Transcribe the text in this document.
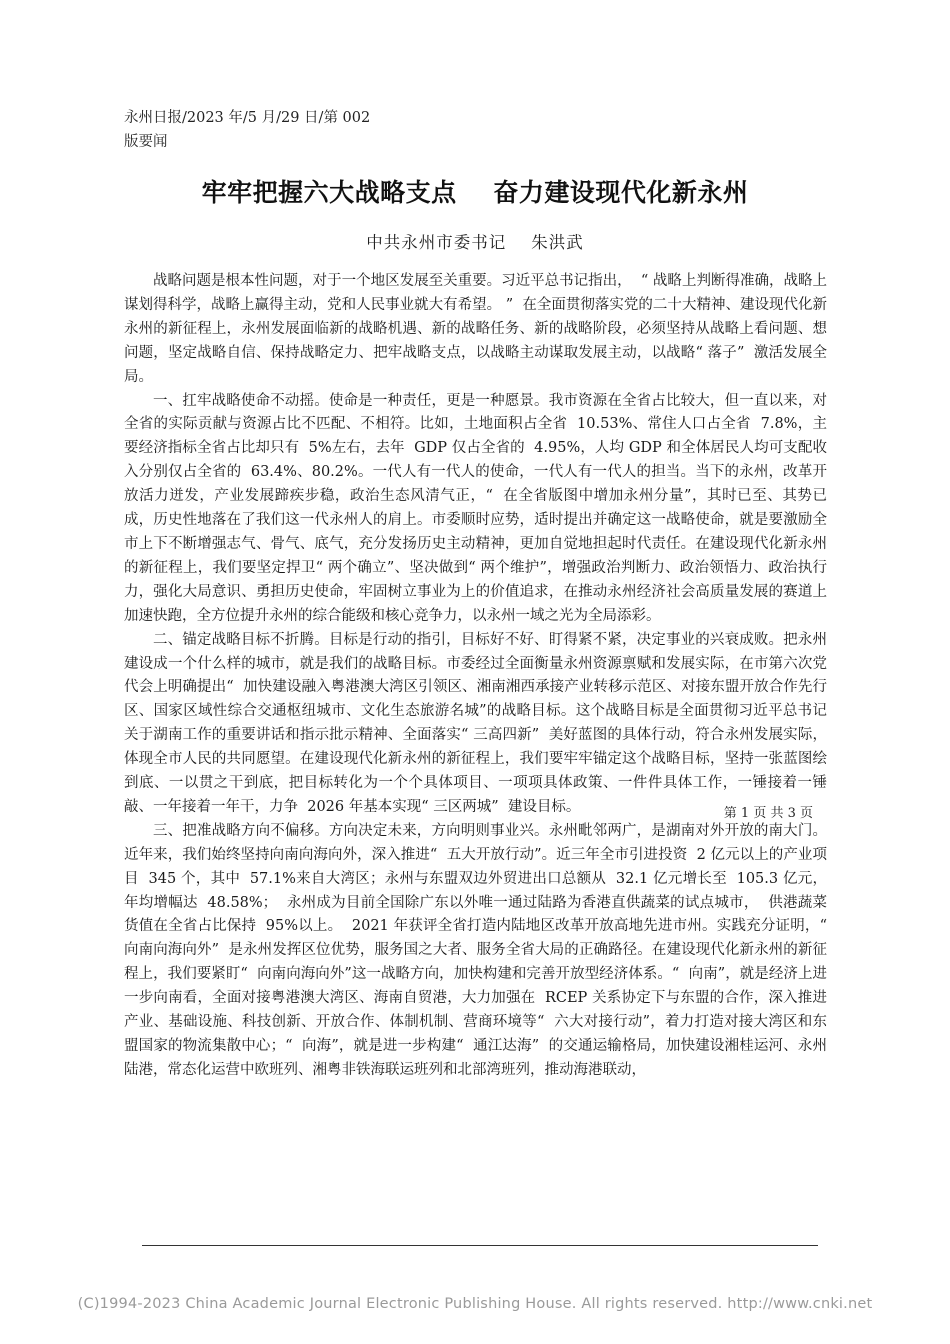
永州日报/2023 年/5 月/29 日/第 002
版要闻
牢牢把握六大战略支点    奋力建设现代化新永州
中共永州市委书记    朱洪武

战略问题是根本性问题，对于一个地区发展至关重要。习近平总书记指出，  “ 战略上判断得准确，战略上谋划得科学，战略上赢得主动，党和人民事业就大有希望。 ”  在全面贯彻落实党的二十大精神、建设现代化新永州的新征程上，永州发展面临新的战略机遇、新的战略任务、新的战略阶段，必须坚持从战略上看问题、想问题，坚定战略自信、保持战略定力、把牢战略支点，以战略主动谋取发展主动，以战略“ 落子”  激活发展全局。

一、扛牢战略使命不动摇。使命是一种责任，更是一种愿景。我市资源在全省占比较大，但一直以来，对全省的实际贡献与资源占比不匹配、不相符。比如，土地面积占全省  10.53%、常住人口占全省  7.8%，主要经济指标全省占比却只有  5%左右，去年  GDP 仅占全省的  4.95%，人均 GDP 和全体居民人均可支配收入分别仅占全省的  63.4%、80.2%。一代人有一代人的使命，一代人有一代人的担当。当下的永州，改革开放活力迸发，产业发展蹄疾步稳，政治生态风清气正，“  在全省版图中增加永州分量”，其时已至、其势已成，历史性地落在了我们这一代永州人的肩上。市委顺时应势，适时提出并确定这一战略使命，就是要激励全市上下不断增强志气、骨气、底气，充分发扬历史主动精神，更加自觉地担起时代责任。在建设现代化新永州的新征程上，我们要坚定捍卫“ 两个确立”、坚决做到“ 两个维护”，增强政治判断力、政治领悟力、政治执行力，强化大局意识、勇担历史使命，牢固树立事业为上的价值追求，在推动永州经济社会高质量发展的赛道上加速快跑，全方位提升永州的综合能级和核心竞争力，以永州一域之光为全局添彩。

二、锚定战略目标不折腾。目标是行动的指引，目标好不好、盯得紧不紧，决定事业的兴衰成败。把永州建设成一个什么样的城市，就是我们的战略目标。市委经过全面衡量永州资源禀赋和发展实际，在市第六次党代会上明确提出“  加快建设融入粤港澳大湾区引领区、湘南湘西承接产业转移示范区、对接东盟开放合作先行区、国家区域性综合交通枢纽城市、文化生态旅游名城”的战略目标。这个战略目标是全面贯彻习近平总书记关于湖南工作的重要讲话和指示批示精神、全面落实“ 三高四新”  美好蓝图的具体行动，符合永州发展实际，体现全市人民的共同愿望。在建设现代化新永州的新征程上，我们要牢牢锚定这个战略目标，坚持一张蓝图绘到底、一以贯之干到底，把目标转化为一个个具体项目、一项项具体政策、一件件具体工作，一锤接着一锤敲、一年接着一年干，力争  2026 年基本实现“ 三区两城”  建设目标。

三、把准战略方向不偏移。方向决定未来，方向明则事业兴。永州毗邻两广，是湖南对外开放的南大门。近年来，我们始终坚持向南向海向外，深入推进“  五大开放行动”。近三年全市引进投资  2 亿元以上的产业项目  345 个，其中  57.1%来自大湾区；永州与东盟双边外贸进出口总额从  32.1 亿元增长至  105.3 亿元，  年均增幅达  48.58%；  永州成为目前全国除广东以外唯一通过陆路为香港直供蔬菜的试点城市，  供港蔬菜货值在全省占比保持  95%以上。  2021 年获评全省打造内陆地区改革开放高地先进市州。实践充分证明，“  向南向海向外”  是永州发挥区位优势，服务国之大者、服务全省大局的正确路径。在建设现代化新永州的新征程上，我们要紧盯“  向南向海向外”这一战略方向，加快构建和完善开放型经济体系。“  向南”，就是经济上进一步向南看，全面对接粤港澳大湾区、海南自贸港，大力加强在  RCEP 关系协定下与东盟的合作，深入推进产业、基础设施、科技创新、开放合作、体制机制、营商环境等“  六大对接行动”，着力打造对接大湾区和东盟国家的物流集散中心；“  向海”，就是进一步构建“  通江达海”  的交通运输格局，加快建设湘桂运河、永州陆港，常态化运营中欧班列、湘粤非铁海联运班列和北部湾班列，推动海港联动，

第 1 页 共 3 页
(C)1994-2023 China Academic Journal Electronic Publishing House. All rights reserved. http://www.cnki.net
